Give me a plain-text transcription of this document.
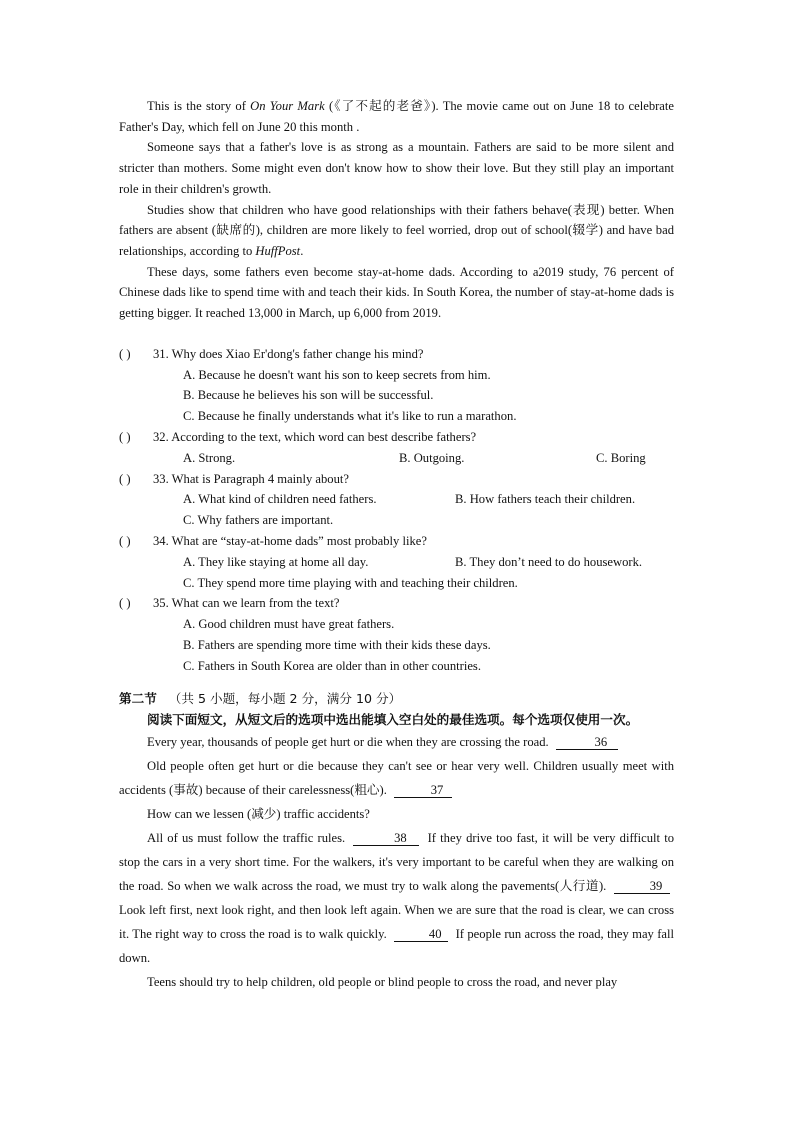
This is the story of On Your Mark (《了不起的老爸》). The movie came out on June 18 to celebrate Father's Day, which fell on June 20 this month .

Someone says that a father's love is as strong as a mountain. Fathers are said to be more silent and stricter than mothers. Some might even don't know how to show their love. But they still play an important role in their children's growth.

Studies show that children who have good relationships with their fathers behave(表现) better. When fathers are absent (缺席的), children are more likely to feel worried, drop out of school(辍学) and have bad relationships, according to HuffPost.

These days, some fathers even become stay-at-home dads. According to a2019 study, 76 percent of Chinese dads like to spend time with and teach their kids. In South Korea, the number of stay-at-home dads is getting bigger. It reached 13,000 in March, up 6,000 from 2019.

( ) 31. Why does Xiao Er'dong's father change his mind?

A. Because he doesn't want his son to keep secrets from him.

B. Because he believes his son will be successful.

C. Because he finally understands what it's like to run a marathon.

( ) 32. According to the text, which word can best describe fathers?

A. Strong.	B. Outgoing.	C. Boring

( ) 33. What is Paragraph 4 mainly about?

A. What kind of children need fathers.	B. How fathers teach their children.

C. Why fathers are important.

( ) 34. What are “stay-at-home dads” most probably like?

A. They like staying at home all day.	B. They don’t need to do housework.

C. They spend more time playing with and teaching their children.

( ) 35. What can we learn from the text?

A. Good children must have great fathers.

B. Fathers are spending more time with their kids these days.

C. Fathers in South Korea are older than in other countries.

第二节 （共 5 小题，每小题 2 分，满分 10 分）

阅读下面短文，从短文后的选项中选出能填入空白处的最佳选项。每个选项仅使用一次。

Every year, thousands of people get hurt or die when they are crossing the road.	36

Old people often get hurt or die because they can't see or hear very well. Children usually meet with accidents (事故) because of their carelessness(粗心).	37

How can we lessen (减少) traffic accidents?

All of us must follow the traffic rules.	38 If they drive too fast, it will be very difficult to stop the cars in a very short time. For the walkers, it's very important to be careful when they are walking on the road. So when we walk across the road, we must try to walk along the pavements(人行道).	39 Look left first, next look right, and then look left again. When we are sure that the road is clear, we can cross it. The right way to cross the road is to walk quickly.	40 If people run across the road, they may fall down.

Teens should try to help children, old people or blind people to cross the road, and never play
